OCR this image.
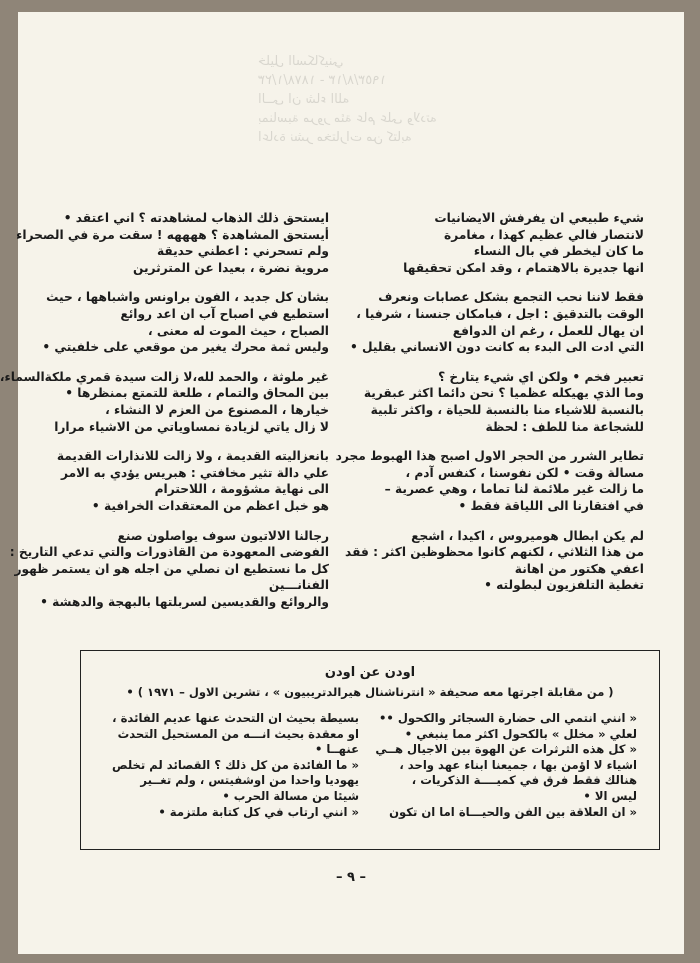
خليل السكاكيني
١٨٧٨/١/٢٣ - ١٩٥٣/٨/١٣
الــى ان شاء الله
بمناسبة مرور مئة عام على ولادته
اعادة نشر مختارات من كتابه

شيء طبيعي ان يفرفش الايضانيات
لانتصار فالي عظيم كهذا ، مغامرة
ما كان ليخطر في بال النساء
انها جديرة بالاهتمام ، وقد امكن تحقيقها

فقط لاننا نحب التجمع بشكل عصابات ونعرف
الوقت بالتدقيق : اجل ، فبامكان جنسنا ، شرفيا ،
ان يهال للعمل ، رغم ان الدوافع
التي ادت الى البدء به كانت دون الانساني بقليل •

تعبير فخم • ولكن اي شيء يتارخ ؟
وما الذي يهيكله عظميا ؟ نحن دائما اكثر عبقرية
بالنسبة للاشياء منا بالنسبة للحياة ، واكثر تلبية
للشجاعة منا للطف : لحظة

تطاير الشرر من الحجر الاول اصبح هذا الهبوط مجرد
مسالة وقت • لكن نفوسنا ، كنفس آدم ،
ما زالت غير ملائمة لنا تماما ، وهي عصرية –
في افتقارنا الى اللياقة فقط •

لم يكن ابطال هوميروس ، اكيدا ، اشجع
من هذا الثلاثي ، لكنهم كانوا محظوظين اكثر : فقد
اعفي هكتور من اهانة
تغطية التلفزيون لبطولته •

ايستحق ذلك الذهاب لمشاهدته ؟ اني اعتقد •
أيستحق المشاهدة ؟ ههههه ! سقت مرة في الصحراء
ولم تسحرني : اعطني حديقة
مروية نضرة ، بعيدا عن المترثرين

بشان كل جديد ، الفون براونس واشباهها ، حيث
استطيع في اصباح آب ان اعد روائع
الصباح ، حيث الموت له معنى ،
وليس ثمة محرك يغير من موقعي على خلفيتي •

غير ملوثة ، والحمد لله،لا زالت سيدة قمري ملكةالسماء،
بين المحاق والتمام ، طلعة للتمتع بمنظرها •
خيارها ، المصنوع من العزم لا النشاء ،
لا زال ياتي لزيادة نمساوياتي من الاشياء مرارا

بانعزاليته القديمة ، ولا زالت للانذارات القديمة
علي دالة تثير مخافتي : هبريس يؤدي به الامر
الى نهاية مشؤومة ، اللاحترام
هو خبل اعظم من المعتقدات الخرافية •

رجالنا الالاتيون سوف يواصلون صنع
الفوضى المعهودة من القاذورات والتي تدعي التاريخ :
كل ما نستطيع ان نصلي من اجله هو ان يستمر ظهور
الفنانـــين
والروائع والقديسين لسربلتها بالبهجة والدهشة •

اودن عن اودن
( من مقابلة اجرتها معه صحيفة « انترناشنال هيرالدتريبيون » ، تشرين الاول – ١٩٧١ ) •
« انني انتمي الى حضارة السجائر والكحول ••
لعلي « مخلل » بالكحول اكثر مما ينبغي •
« كل هذه الثرثرات عن الهوة بين الاجيال هــي
اشياء لا اؤمن بها ، جميعنا ابناء عهد واحد ،
هنالك فقط فرق في كميــــة الذكريات ،
ليس الا •
« ان العلاقة بين الفن والحيـــاة اما ان تكون
بسيطة بحيث ان التحدث عنها عديم الفائدة ،
او معقدة بحيث انـــه من المستحيل التحدث
عنهــا •
« ما الفائدة من كل ذلك ؟ القصائد لم تخلص
يهوديا واحدا من اوشفيتس ، ولم تغــير
شيئا من مسالة الحرب •
« انني ارتاب في كل كتابة ملتزمة •
– ٩ –
